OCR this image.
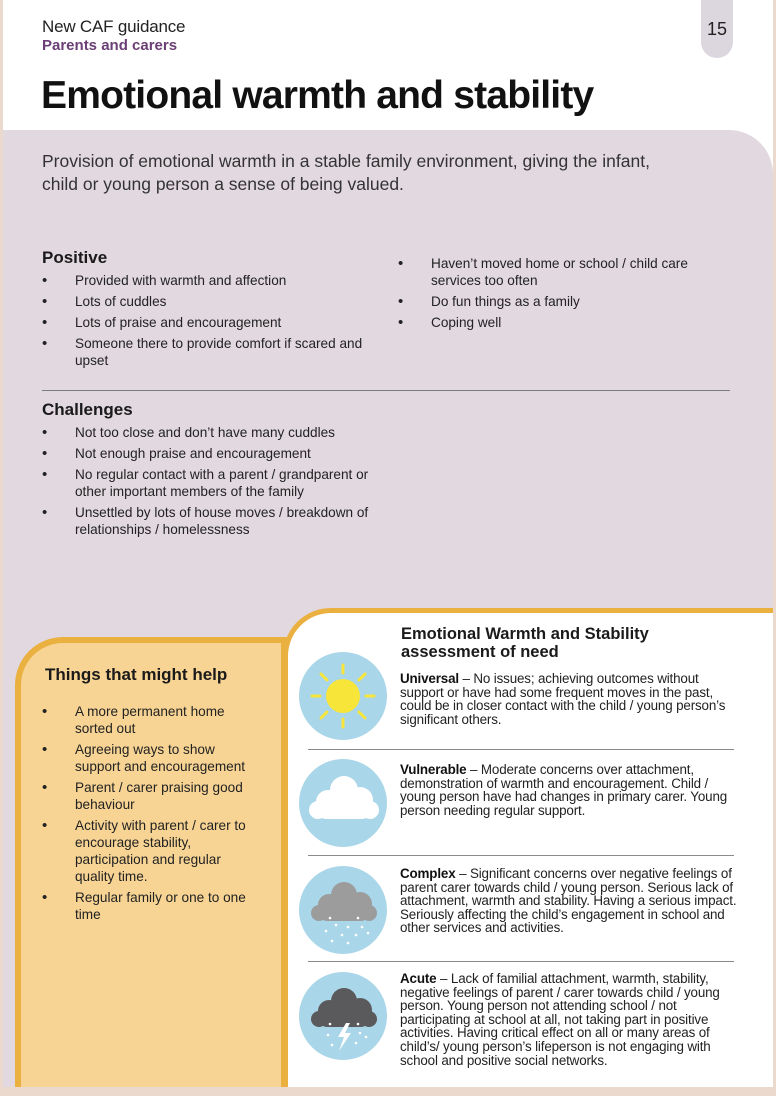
15
New CAF guidance
Parents and carers
Emotional warmth and stability
Provision of emotional warmth in a stable family environment, giving the infant, child or young person a sense of being valued.
Positive
• Provided with warmth and affection
• Lots of cuddles
• Lots of praise and encouragement
• Someone there to provide comfort if scared and upset
• Haven’t moved home or school / child care services too often
• Do fun things as a family
• Coping well
Challenges
• Not too close and don’t have many cuddles
• Not enough praise and encouragement
• No regular contact with a parent / grandparent or other important members of the family
• Unsettled by lots of house moves / breakdown of relationships / homelessness
Things that might help
• A more permanent home sorted out
• Agreeing ways to show support and encouragement
• Parent / carer praising good behaviour
• Activity with parent / carer to encourage stability, participation and regular quality time.
• Regular family or one to one time
Emotional Warmth and Stability assessment of need
Universal – No issues; achieving outcomes without support or have had some frequent moves in the past, could be in closer contact with the child / young person’s significant others.
Vulnerable – Moderate concerns over attachment, demonstration of warmth and encouragement. Child / young person have had changes in primary carer. Young person needing regular support.
Complex – Significant concerns over negative feelings of parent carer towards child / young person. Serious lack of attachment, warmth and stability. Having a serious impact. Seriously affecting the child’s engagement in school and other services and activities.
Acute – Lack of familial attachment, warmth, stability, negative feelings of parent / carer towards child / young person. Young person not attending school / not participating at school at all, not taking part in positive activities. Having critical effect on all or many areas of child’s/ young person’s lifeperson is not engaging with school and positive social networks.
